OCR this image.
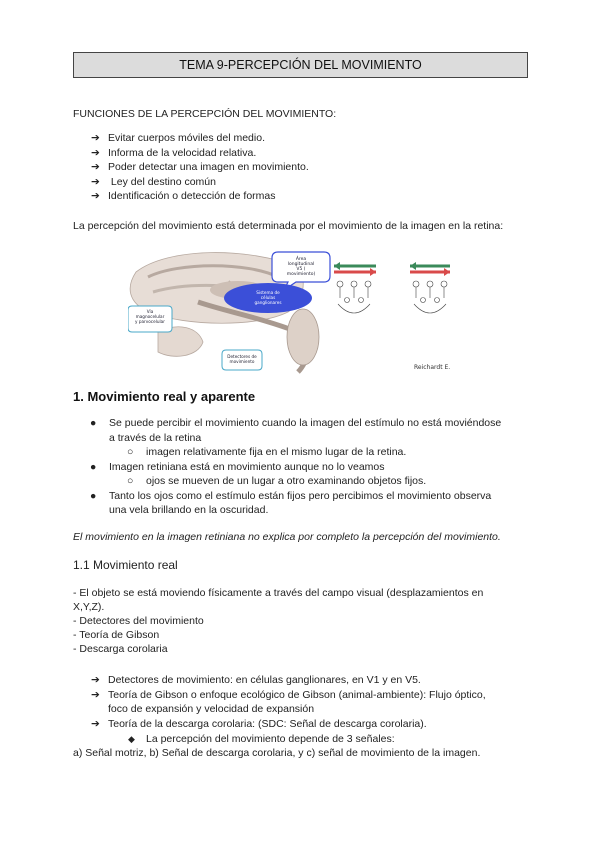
TEMA 9-PERCEPCIÓN DEL MOVIMIENTO
FUNCIONES DE LA PERCEPCIÓN DEL MOVIMIENTO:
➔ Evitar cuerpos móviles del medio.
➔ Informa de la velocidad relativa.
➔ Poder detectar una imagen en movimiento.
➔ Ley del destino común
➔ Identificación o detección de formas
La percepción del movimiento está determinada por el movimiento de la imagen en la retina:
Área longitudinal V5 ( movimiento)
Sistema de células ganglionares
Vía magnocelular y parvocelular
Detectores de movimiento
Reichardt E.
1. Movimiento real y aparente
●	Se puede percibir el movimiento cuando la imagen del estímulo no está moviéndose
a través de la retina
○	imagen relativamente fija en el mismo lugar de la retina.
●	Imagen retiniana está en movimiento aunque no lo veamos
○	ojos se mueven de un lugar a otro examinando objetos fijos.
●	Tanto los ojos como el estímulo están fijos pero percibimos el movimiento observa
una vela brillando en la oscuridad.
El movimiento en la imagen retiniana no explica por completo la percepción del movimiento.
1.1 Movimiento real
- El objeto se está moviendo físicamente a través del campo visual (desplazamientos en
X,Y,Z).
- Detectores del movimiento
- Teoría de Gibson
- Descarga corolaria
➔ Detectores de movimiento: en células ganglionares, en V1 y en V5.
➔ Teoría de Gibson o enfoque ecológico de Gibson (animal-ambiente): Flujo óptico,
foco de expansión y velocidad de expansión
➔ Teoría de la descarga corolaria: (SDC: Señal de descarga corolaria).
◆	La percepción del movimiento depende de 3 señales:
a) Señal motriz, b) Señal de descarga corolaria, y c) señal de movimiento de la imagen.
